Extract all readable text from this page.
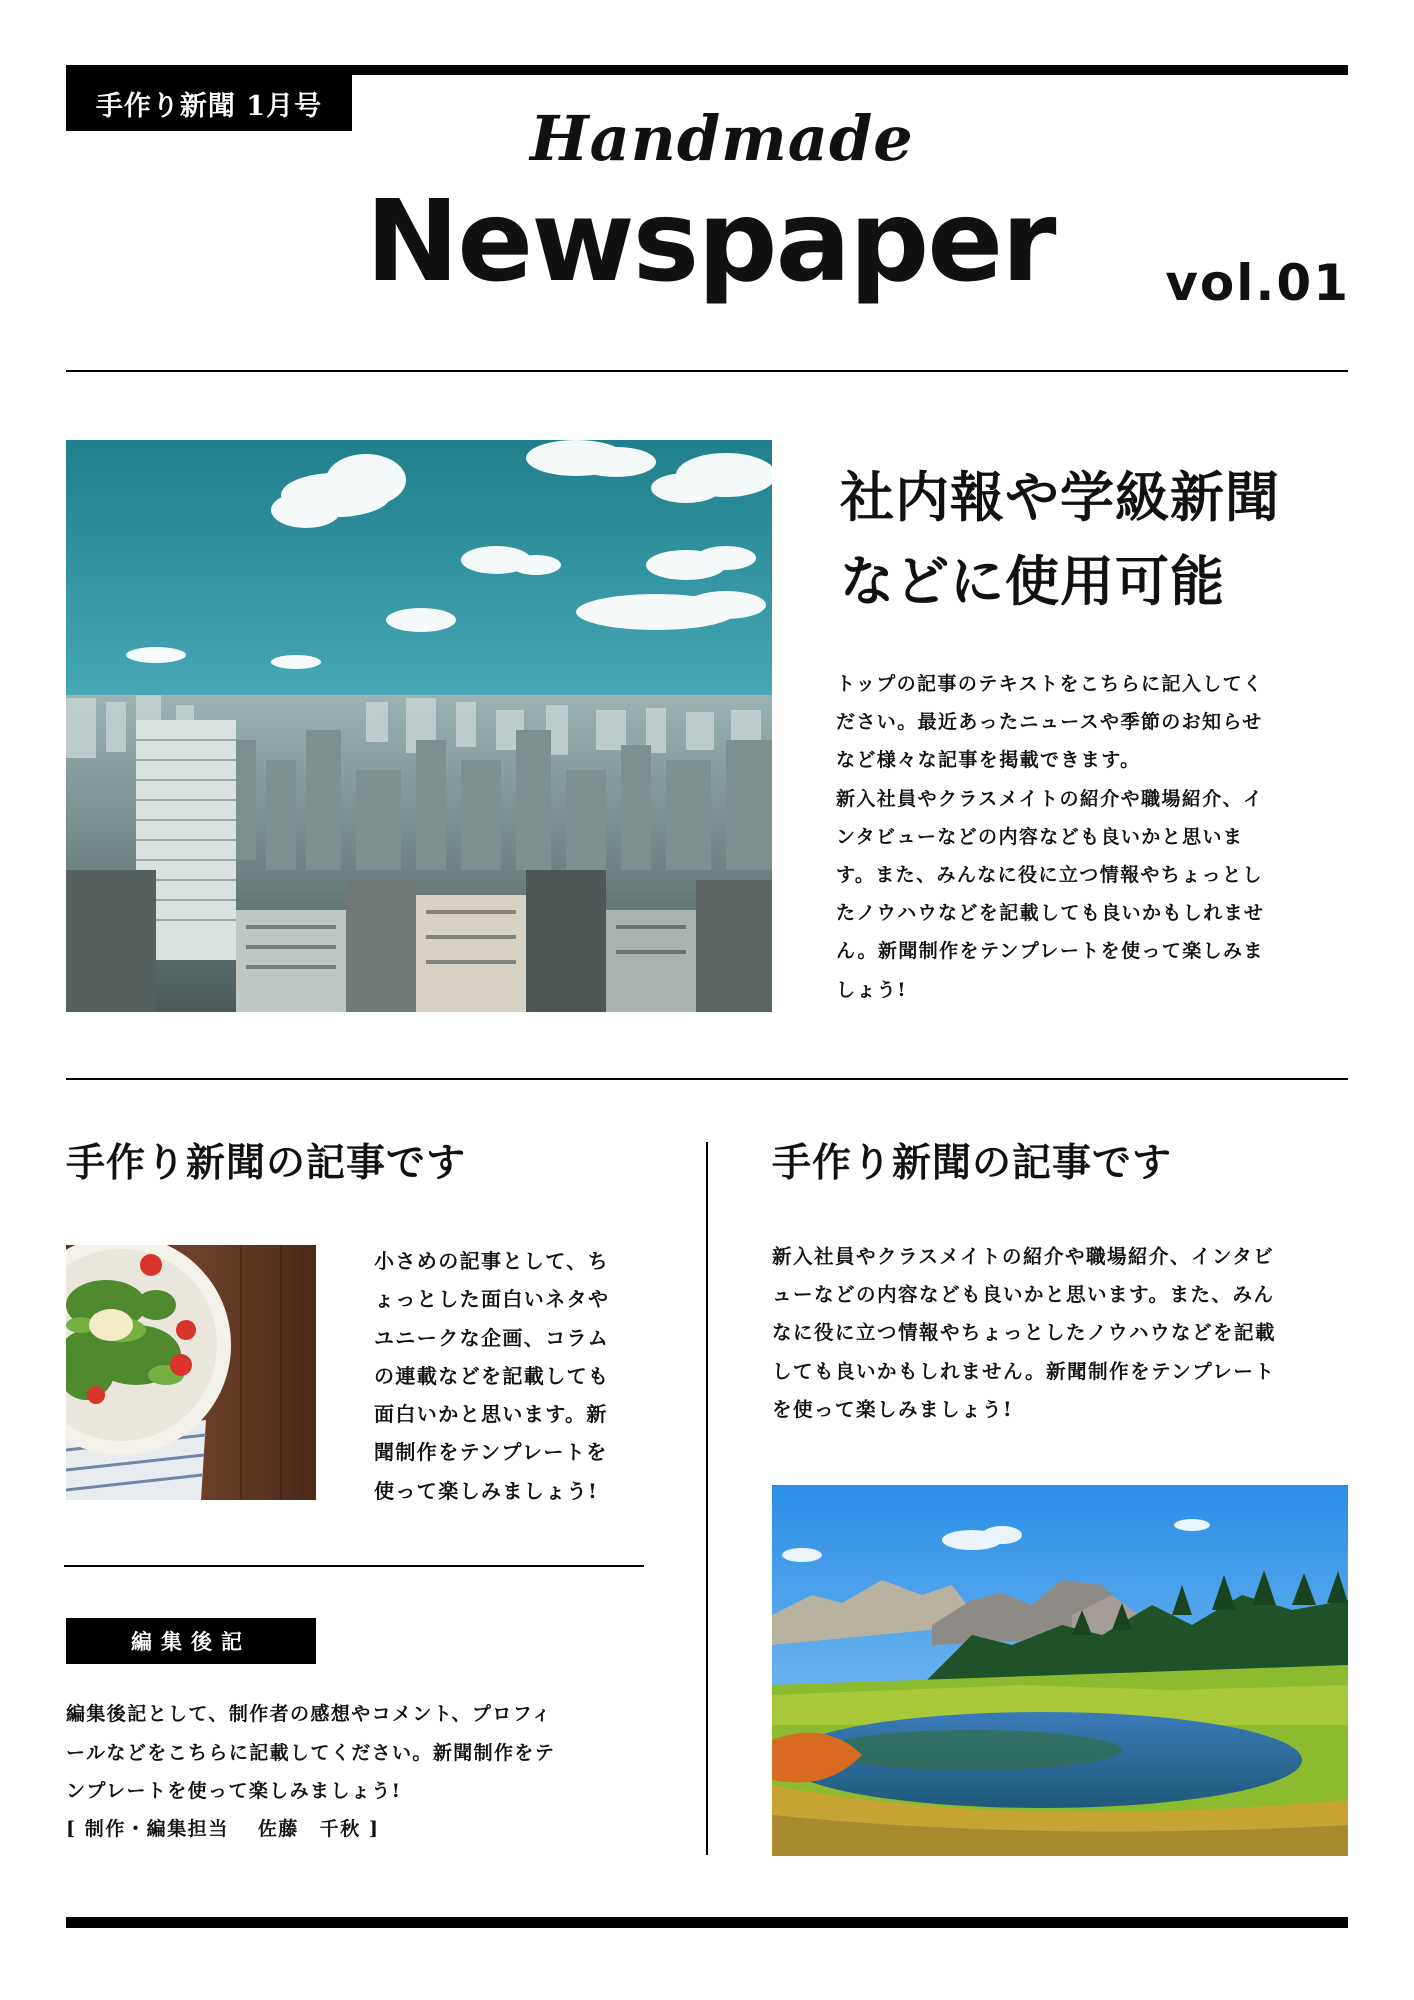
手作り新聞 1月号	Handmade
Newspaper	vol.01
社内報や学級新聞
などに使用可能
トップの記事のテキストをこちらに記入してく
ださい。最近あったニュースや季節のお知らせ
など様々な記事を掲載できます。
新入社員やクラスメイトの紹介や職場紹介、イ
ンタビューなどの内容なども良いかと思いま
す。また、みんなに役に立つ情報やちょっとし
たノウハウなどを記載しても良いかもしれませ
ん。新聞制作をテンプレートを使って楽しみま
しょう!
手作り新聞の記事です
小さめの記事として、ち
ょっとした面白いネタや
ユニークな企画、コラム
の連載などを記載しても
面白いかと思います。新
聞制作をテンプレートを
使って楽しみましょう!
編集後記
編集後記として、制作者の感想やコメント、プロフィ
ールなどをこちらに記載してください。新聞制作をテ
ンプレートを使って楽しみましょう!
[ 制作・編集担当　 佐藤　千秋 ]
手作り新聞の記事です
新入社員やクラスメイトの紹介や職場紹介、インタビ
ューなどの内容なども良いかと思います。また、みん
なに役に立つ情報やちょっとしたノウハウなどを記載
しても良いかもしれません。新聞制作をテンプレート
を使って楽しみましょう!
